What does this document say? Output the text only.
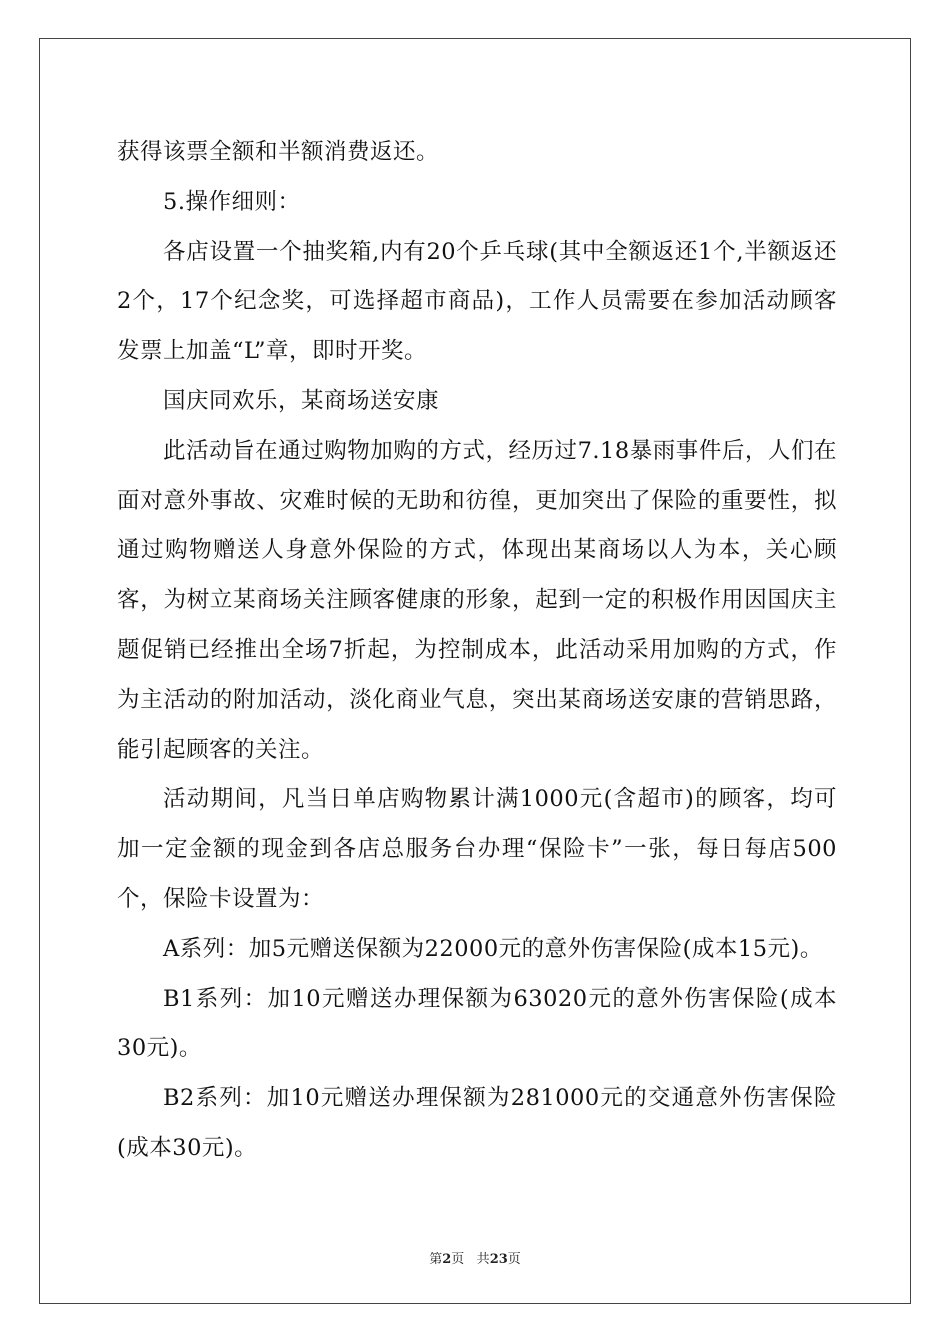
获得该票全额和半额消费返还。

5.操作细则：

各店设置一个抽奖箱,内有20个乒乓球(其中全额返还1个,半额返还2个，17个纪念奖，可选择超市商品)，工作人员需要在参加活动顾客发票上加盖“L”章，即时开奖。

国庆同欢乐，某商场送安康

此活动旨在通过购物加购的方式，经历过7.18暴雨事件后，人们在面对意外事故、灾难时候的无助和彷徨，更加突出了保险的重要性，拟通过购物赠送人身意外保险的方式，体现出某商场以人为本，关心顾客，为树立某商场关注顾客健康的形象，起到一定的积极作用因国庆主题促销已经推出全场7折起，为控制成本，此活动采用加购的方式，作为主活动的附加活动，淡化商业气息，突出某商场送安康的营销思路，能引起顾客的关注。

活动期间，凡当日单店购物累计满1000元(含超市)的顾客，均可加一定金额的现金到各店总服务台办理“保险卡”一张，每日每店500个，保险卡设置为：

A系列：加5元赠送保额为22000元的意外伤害保险(成本15元)。

B1系列：加10元赠送办理保额为63020元的意外伤害保险(成本30元)。

B2系列：加10元赠送办理保额为281000元的交通意外伤害保险(成本30元)。

第2页 共23页
